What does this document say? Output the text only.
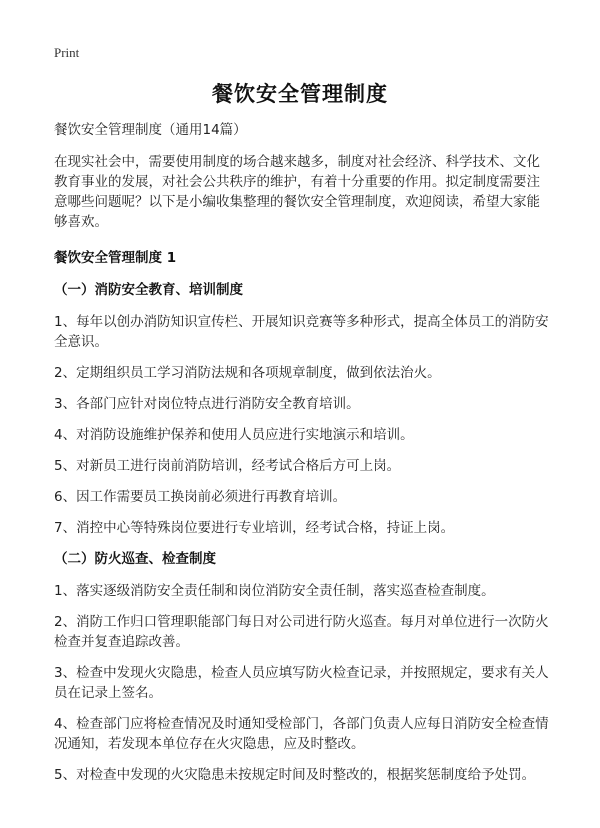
Print
餐饮安全管理制度

餐饮安全管理制度（通用14篇）

在现实社会中，需要使用制度的场合越来越多，制度对社会经济、科学技术、文化教育事业的发展，对社会公共秩序的维护，有着十分重要的作用。拟定制度需要注意哪些问题呢？以下是小编收集整理的餐饮安全管理制度，欢迎阅读，希望大家能够喜欢。

餐饮安全管理制度 1

（一）消防安全教育、培训制度

1、每年以创办消防知识宣传栏、开展知识竞赛等多种形式，提高全体员工的消防安全意识。

2、定期组织员工学习消防法规和各项规章制度，做到依法治火。

3、各部门应针对岗位特点进行消防安全教育培训。

4、对消防设施维护保养和使用人员应进行实地演示和培训。

5、对新员工进行岗前消防培训，经考试合格后方可上岗。

6、因工作需要员工换岗前必须进行再教育培训。

7、消控中心等特殊岗位要进行专业培训，经考试合格，持证上岗。

（二）防火巡查、检查制度

1、落实逐级消防安全责任制和岗位消防安全责任制，落实巡查检查制度。

2、消防工作归口管理职能部门每日对公司进行防火巡查。每月对单位进行一次防火检查并复查追踪改善。

3、检查中发现火灾隐患，检查人员应填写防火检查记录，并按照规定，要求有关人员在记录上签名。

4、检查部门应将检查情况及时通知受检部门，各部门负责人应每日消防安全检查情况通知，若发现本单位存在火灾隐患，应及时整改。

5、对检查中发现的火灾隐患未按规定时间及时整改的，根据奖惩制度给予处罚。
